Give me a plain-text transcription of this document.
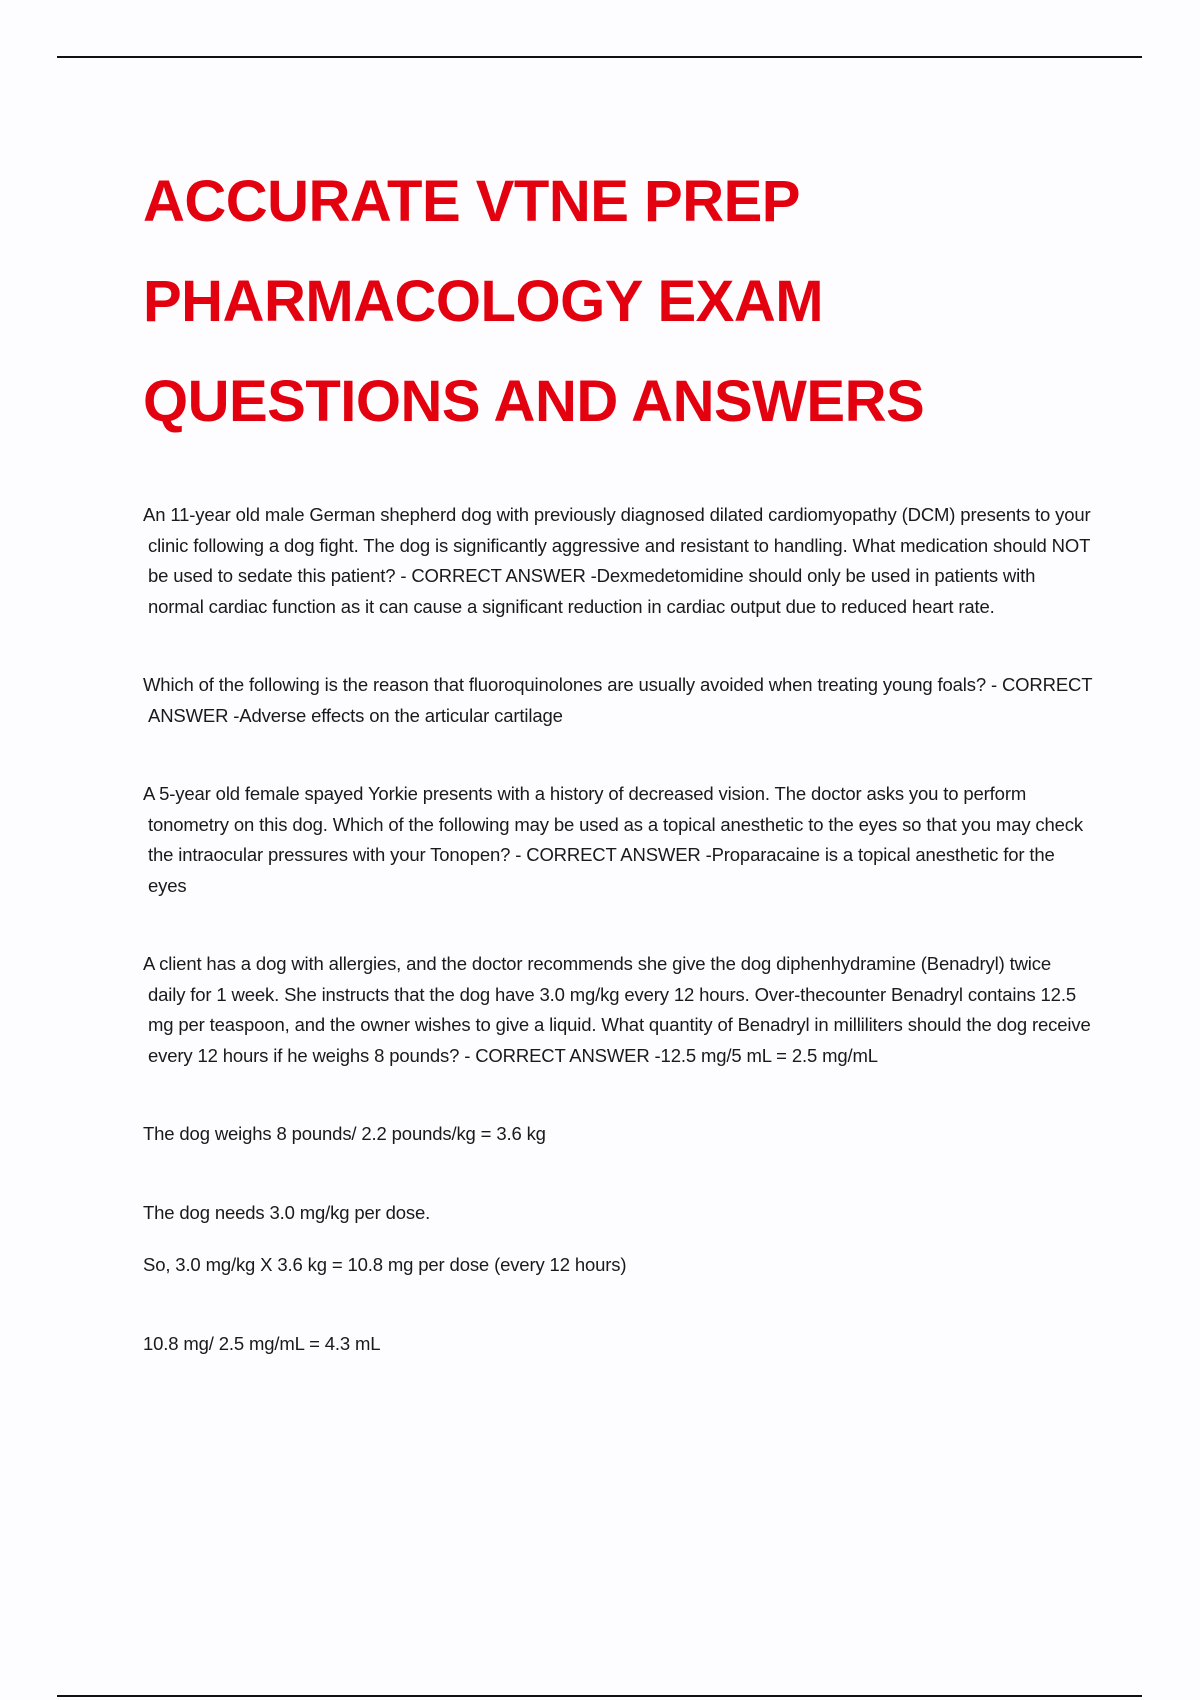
ACCURATE VTNE PREP
PHARMACOLOGY EXAM
QUESTIONS AND ANSWERS

An 11-year old male German shepherd dog with previously diagnosed dilated cardiomyopathy (DCM) presents to your clinic following a dog fight. The dog is significantly aggressive and resistant to handling. What medication should NOT be used to sedate this patient? - CORRECT ANSWER -Dexmedetomidine should only be used in patients with normal cardiac function as it can cause a significant reduction in cardiac output due to reduced heart rate.

Which of the following is the reason that fluoroquinolones are usually avoided when treating young foals? - CORRECT ANSWER -Adverse effects on the articular cartilage

A 5-year old female spayed Yorkie presents with a history of decreased vision. The doctor asks you to perform tonometry on this dog. Which of the following may be used as a topical anesthetic to the eyes so that you may check the intraocular pressures with your Tonopen? - CORRECT ANSWER -Proparacaine is a topical anesthetic for the eyes

A client has a dog with allergies, and the doctor recommends she give the dog diphenhydramine (Benadryl) twice daily for 1 week. She instructs that the dog have 3.0 mg/kg every 12 hours. Over-thecounter Benadryl contains 12.5 mg per teaspoon, and the owner wishes to give a liquid. What quantity of Benadryl in milliliters should the dog receive every 12 hours if he weighs 8 pounds? - CORRECT ANSWER -12.5 mg/5 mL = 2.5 mg/mL

The dog weighs 8 pounds/ 2.2 pounds/kg = 3.6 kg

The dog needs 3.0 mg/kg per dose.

So, 3.0 mg/kg X 3.6 kg = 10.8 mg per dose (every 12 hours)

10.8 mg/ 2.5 mg/mL = 4.3 mL
